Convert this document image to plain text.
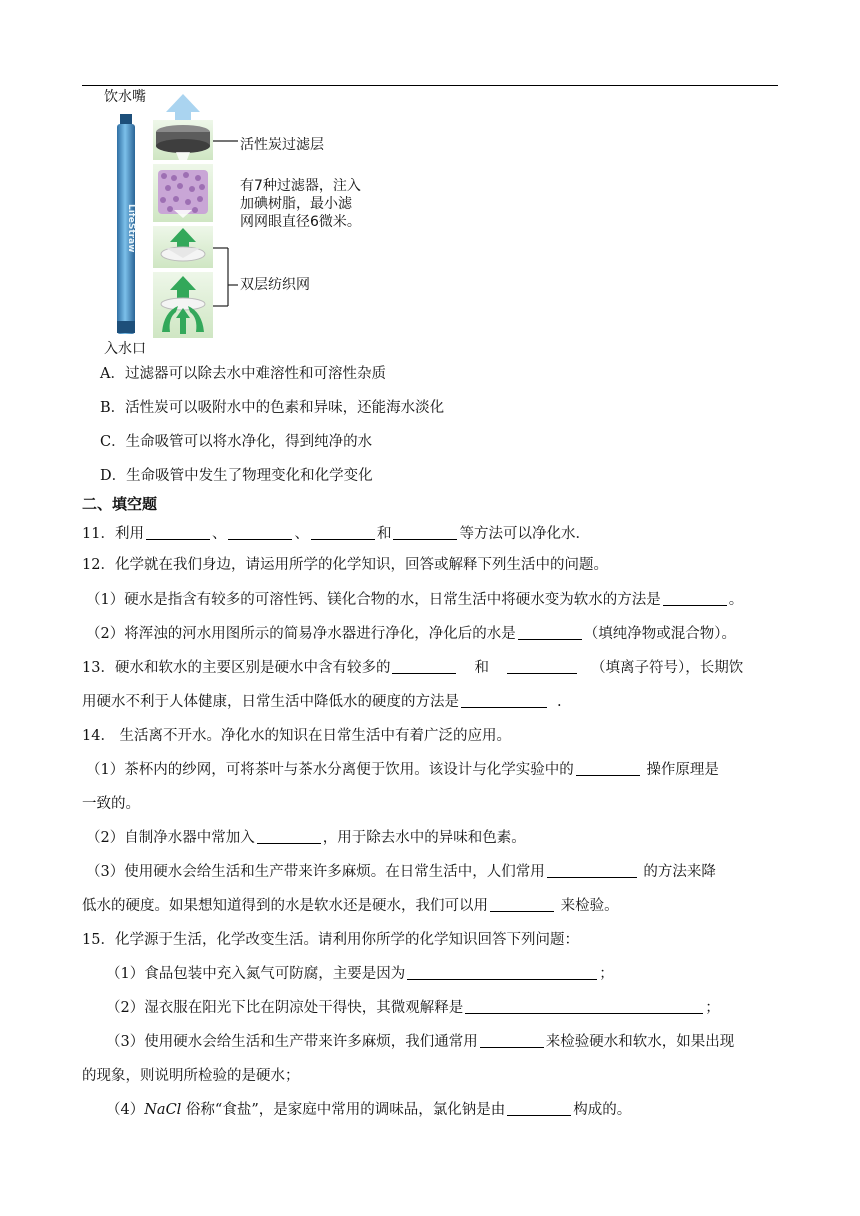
LifeStraw
饮水嘴
活性炭过滤层
有7种过滤器，注入
加碘树脂，最小滤
网网眼直径6微米。
双层纺织网
入水口
A．过滤器可以除去水中难溶性和可溶性杂质
B．活性炭可以吸附水中的色素和异味，还能海水淡化
C．生命吸管可以将水净化，得到纯净的水
D．生命吸管中发生了物理变化和化学变化
二、填空题
11．利用	、	、	和	等方法可以净化水．
12．化学就在我们身边，请运用所学的化学知识，回答或解释下列生活中的问题。
（1）硬水是指含有较多的可溶性钙、镁化合物的水，日常生活中将硬水变为软水的方法是	。
（2）将浑浊的河水用图所示的简易净水器进行净化，净化后的水是	（填纯净物或混合物）。
13．硬水和软水的主要区别是硬水中含有较多的	和	（填离子符号），长期饮
用硬水不利于人体健康，日常生活中降低水的硬度的方法是	.
14． 生活离不开水。净化水的知识在日常生活中有着广泛的应用。
（1）茶杯内的纱网，可将茶叶与茶水分离便于饮用。该设计与化学实验中的	操作原理是
一致的。
（2）自制净水器中常加入	，用于除去水中的异味和色素。
（3）使用硬水会给生活和生产带来许多麻烦。在日常生活中，人们常用	的方法来降
低水的硬度。如果想知道得到的水是软水还是硬水，我们可以用	来检验。
15．化学源于生活，化学改变生活。请利用你所学的化学知识回答下列问题：
（1）食品包装中充入氮气可防腐，主要是因为	；
（2）湿衣服在阳光下比在阴凉处干得快，其微观解释是	；
（3）使用硬水会给生活和生产带来许多麻烦，我们通常用	来检验硬水和软水，如果出现
的现象，则说明所检验的是硬水；
（4）NaCl 俗称“食盐”，是家庭中常用的调味品，氯化钠是由	构成的。
